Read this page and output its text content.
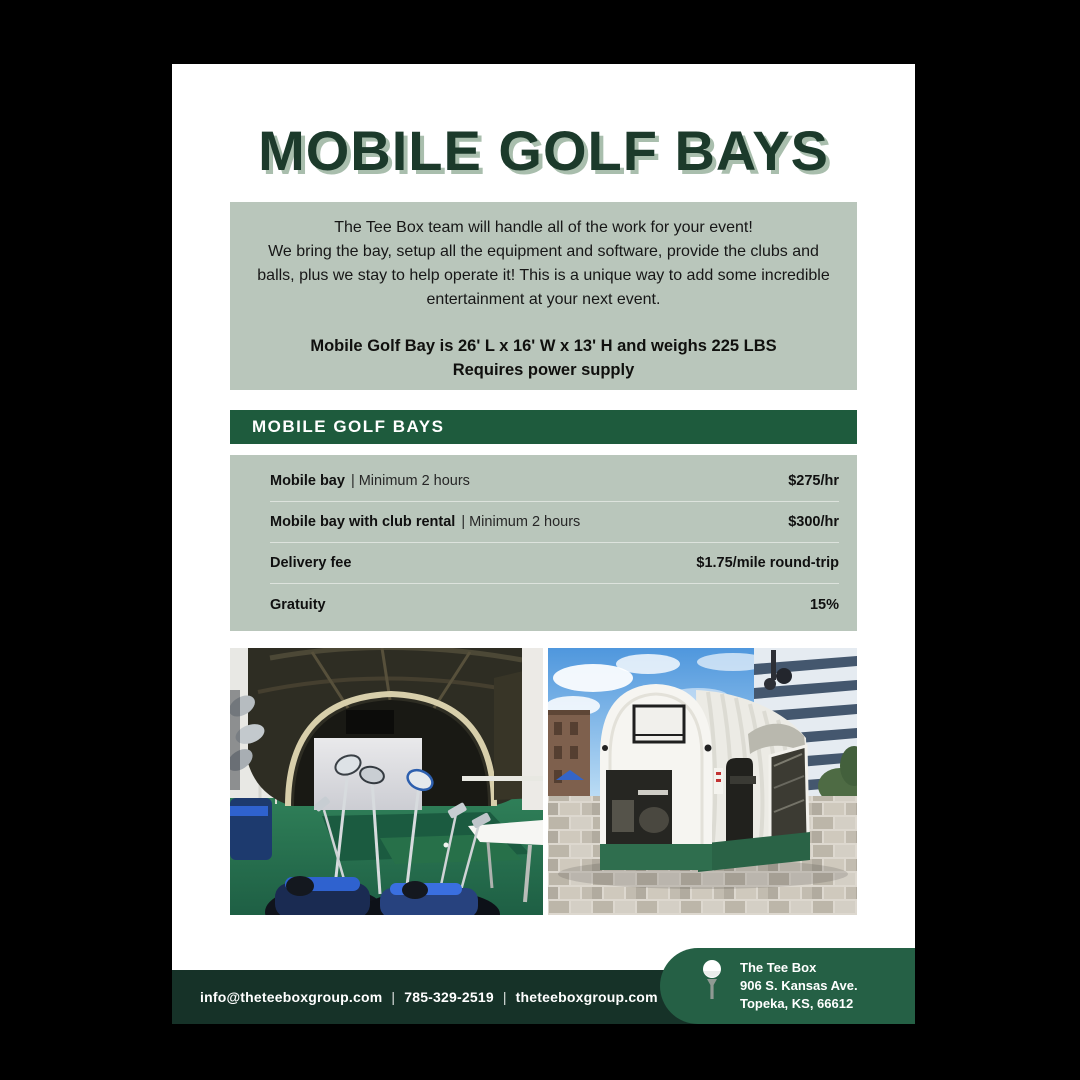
MOBILE GOLF BAYS

The Tee Box team will handle all of the work for your event!

We bring the bay, setup all the equipment and software, provide the clubs and balls, plus we stay to help operate it! This is a unique way to add some incredible entertainment at your next event.

Mobile Golf Bay is 26' L x 16' W x 13' H and weighs 225 LBS

Requires power supply

MOBILE GOLF BAYS
Mobile bay | Minimum 2 hours	$275/hr
Mobile bay with club rental | Minimum 2 hours	$300/hr
Delivery fee	$1.75/mile round-trip
Gratuity	15%
info@theteeboxgroup.com | 785-329-2519 | theteeboxgroup.com
The Tee Box
906 S. Kansas Ave.
Topeka, KS, 66612
